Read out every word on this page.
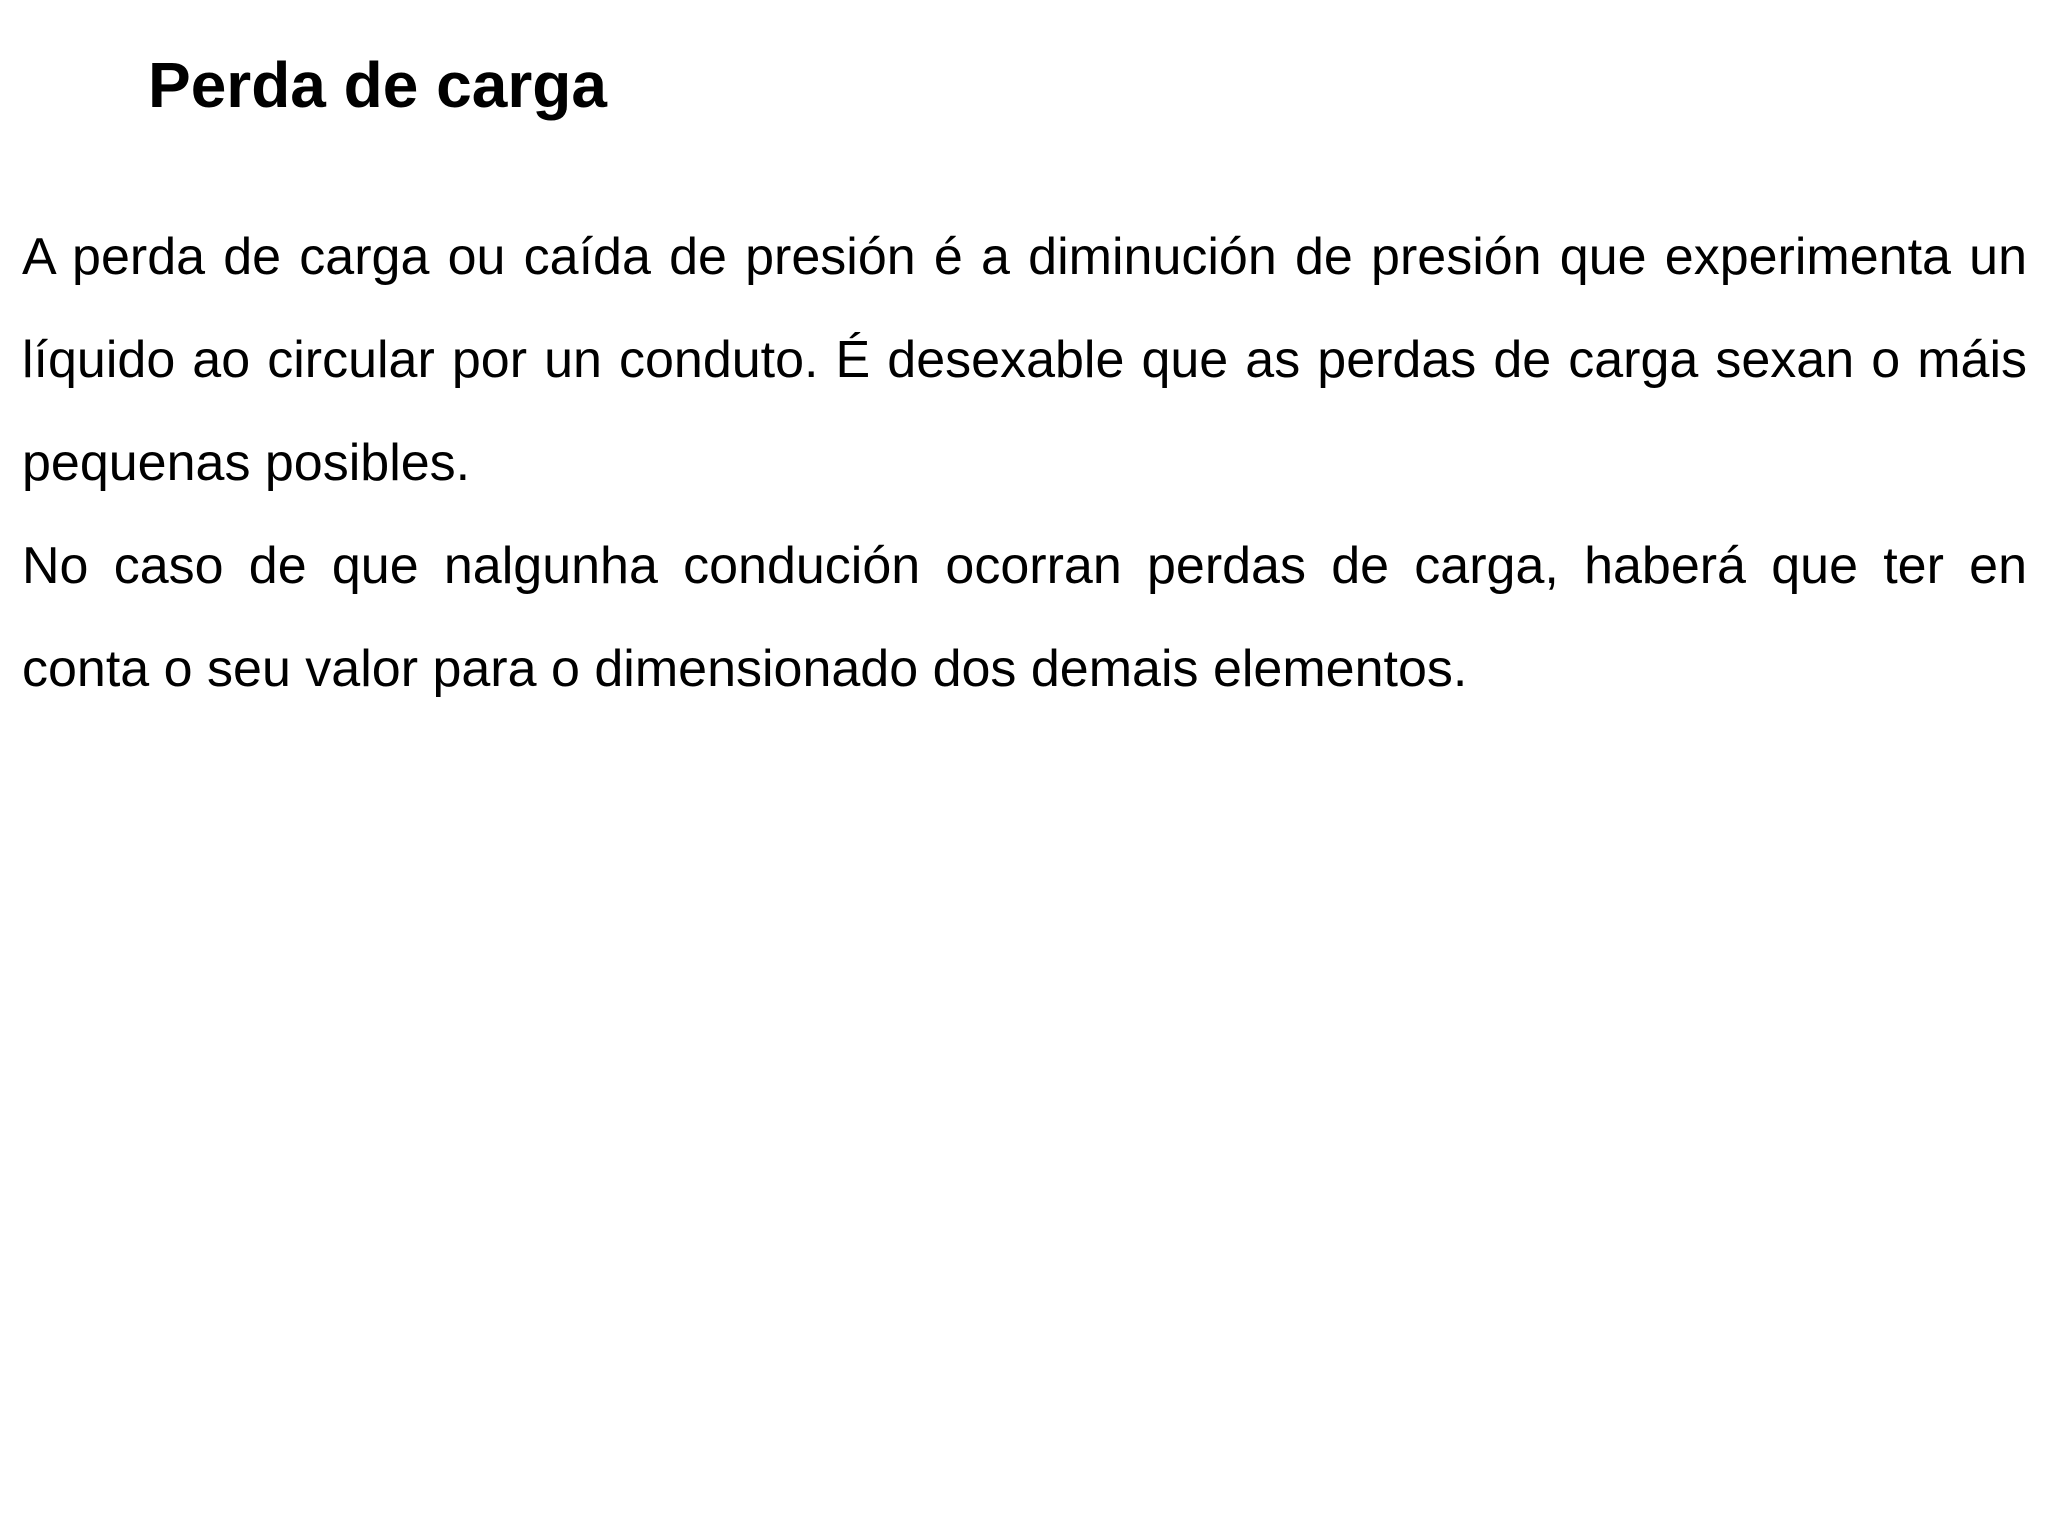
Perda de carga

A perda de carga ou caída de presión é a diminución de presión que experimenta un líquido ao circular por un conduto. É desexable que as perdas de carga sexan o máis pequenas posibles.

No caso de que nalgunha condución ocorran perdas de carga, haberá que ter en conta o seu valor para o dimensionado dos demais elementos.
